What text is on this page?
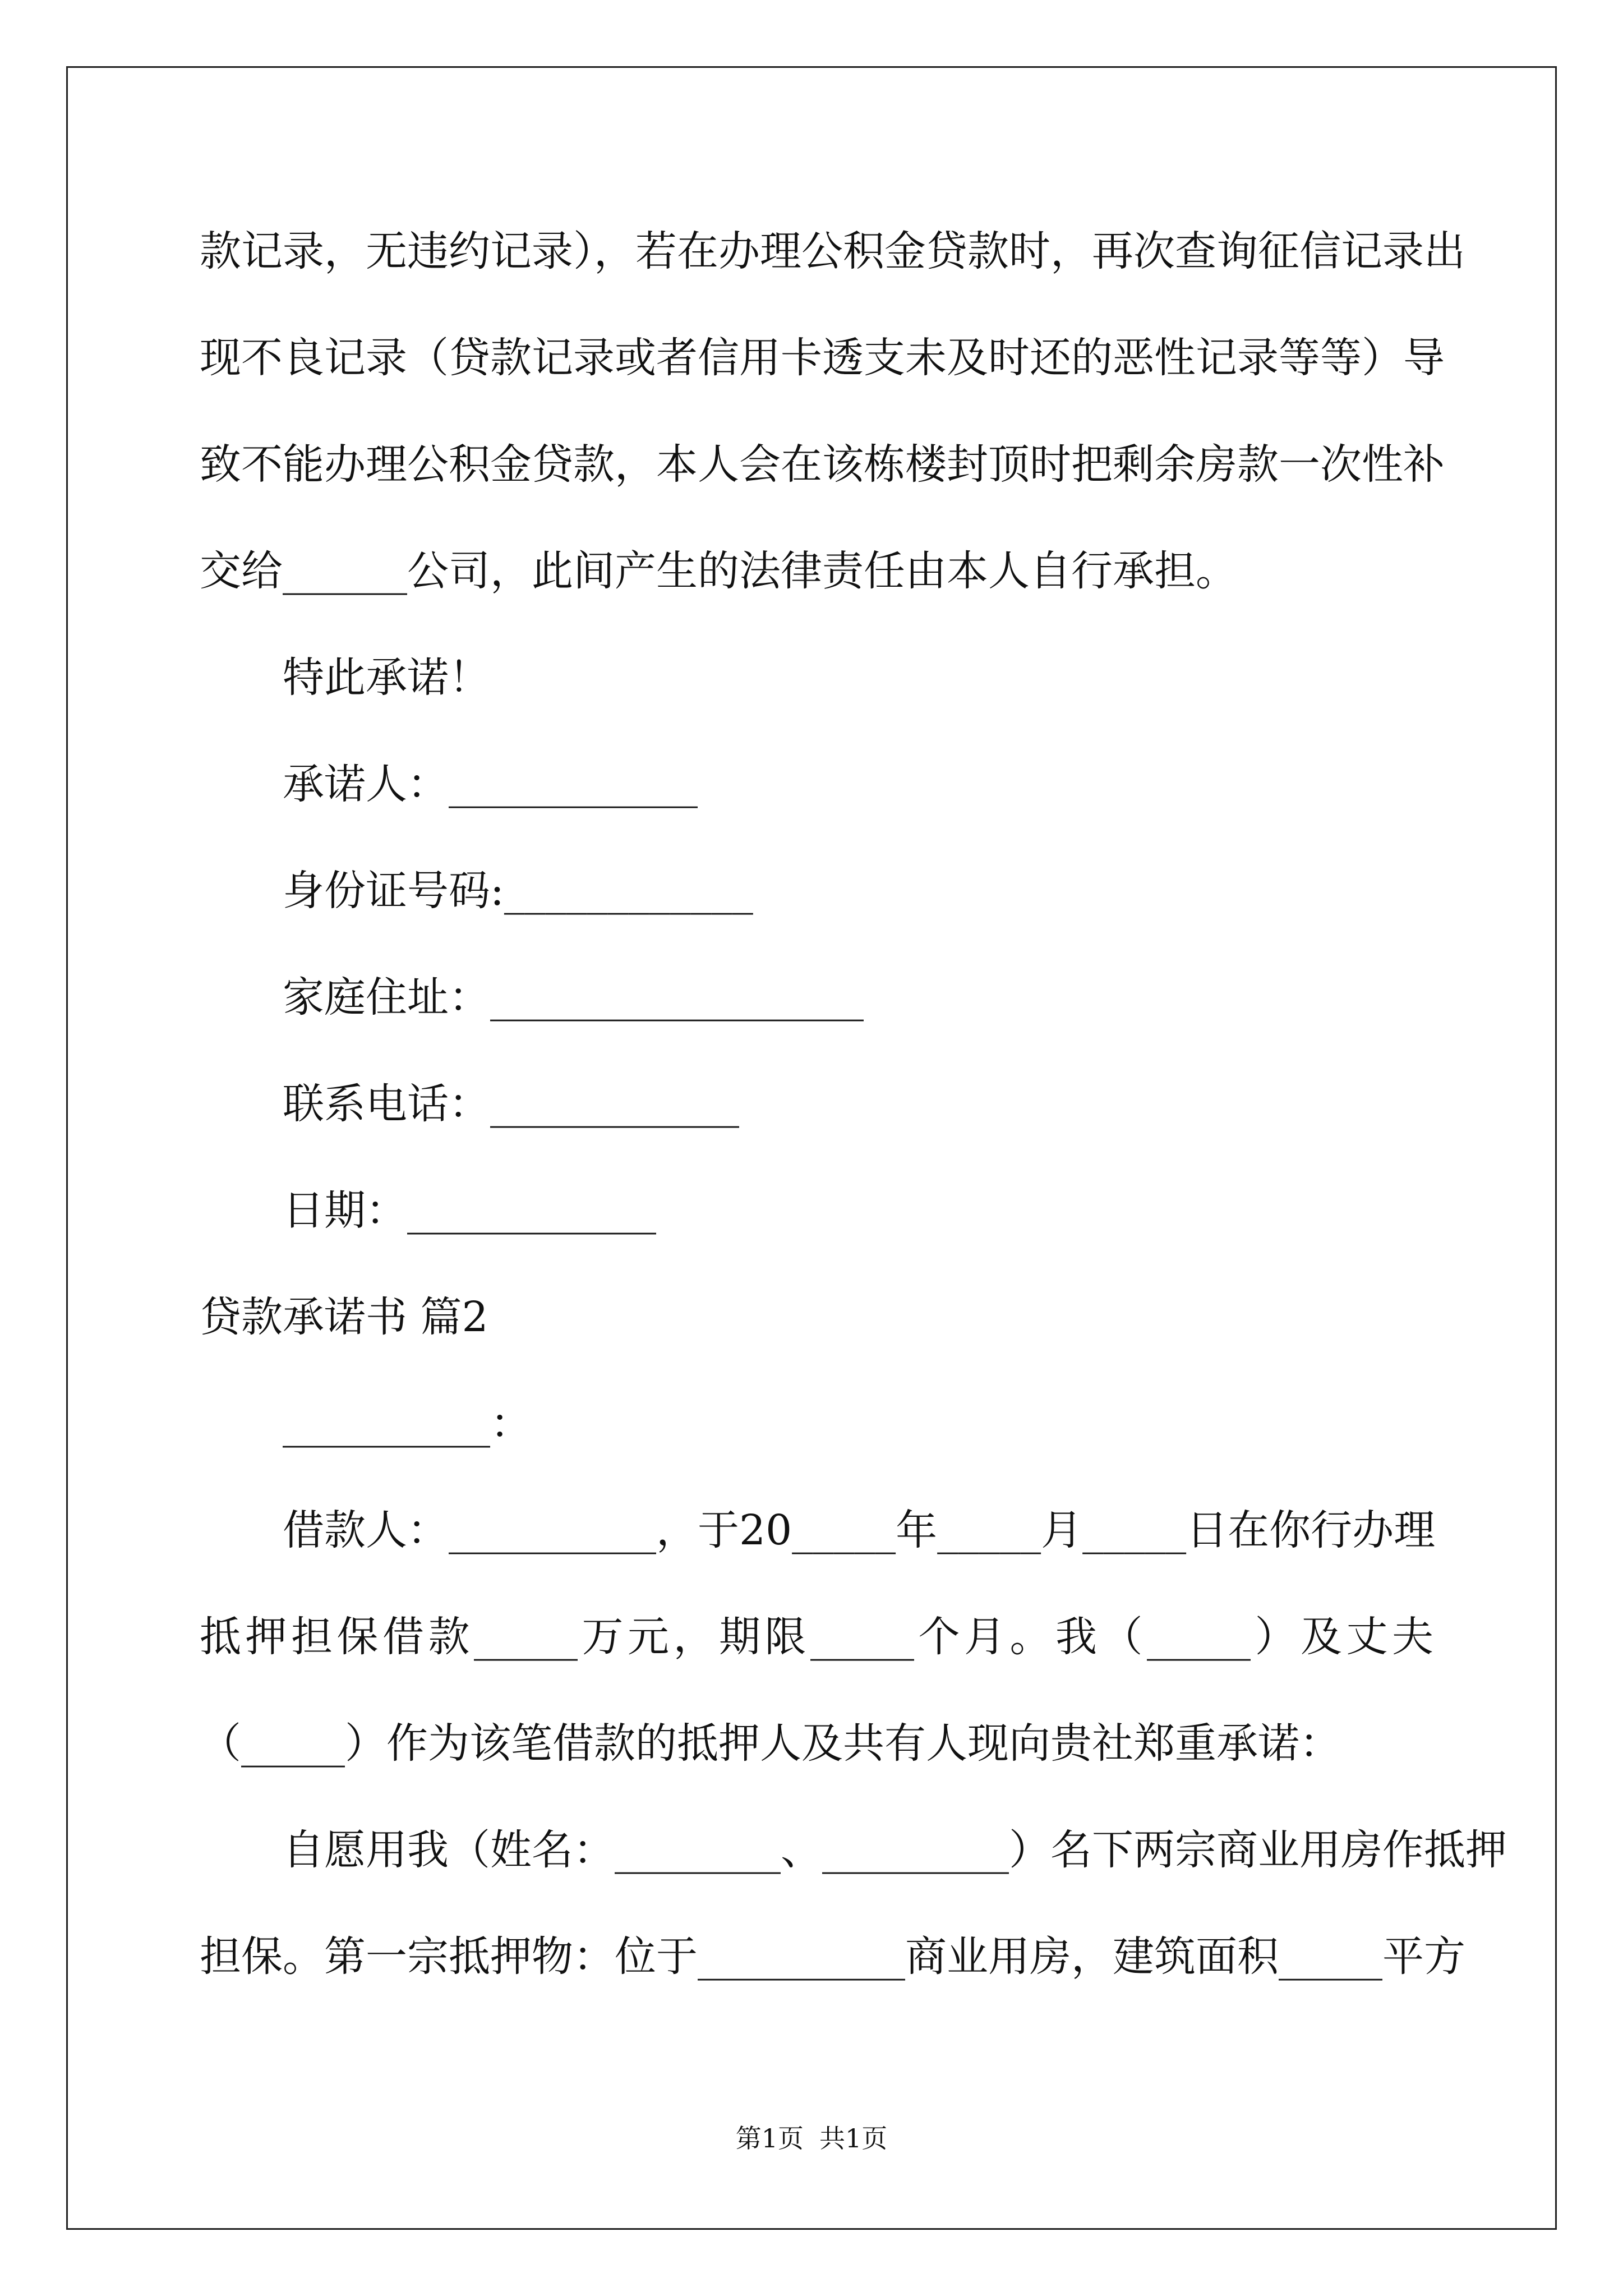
款记录，无违约记录），若在办理公积金贷款时，再次查询征信记录出
现不良记录（贷款记录或者信用卡透支未及时还的恶性记录等等）导
致不能办理公积金贷款，本人会在该栋楼封顶时把剩余房款一次性补
交给______公司，此间产生的法律责任由本人自行承担。
特此承诺！
承诺人：____________
身份证号码:____________
家庭住址：__________________
联系电话：____________
日期：____________
贷款承诺书 篇2
__________：
借款人：__________，于20_____年_____月_____日在你行办理
抵押担保借款_____万元，期限_____个月。我（_____）及丈夫
（_____）作为该笔借款的抵押人及共有人现向贵社郑重承诺：
自愿用我（姓名：________、_________）名下两宗商业用房作抵押
担保。第一宗抵押物：位于__________商业用房，建筑面积_____平方
第1页 共1页
